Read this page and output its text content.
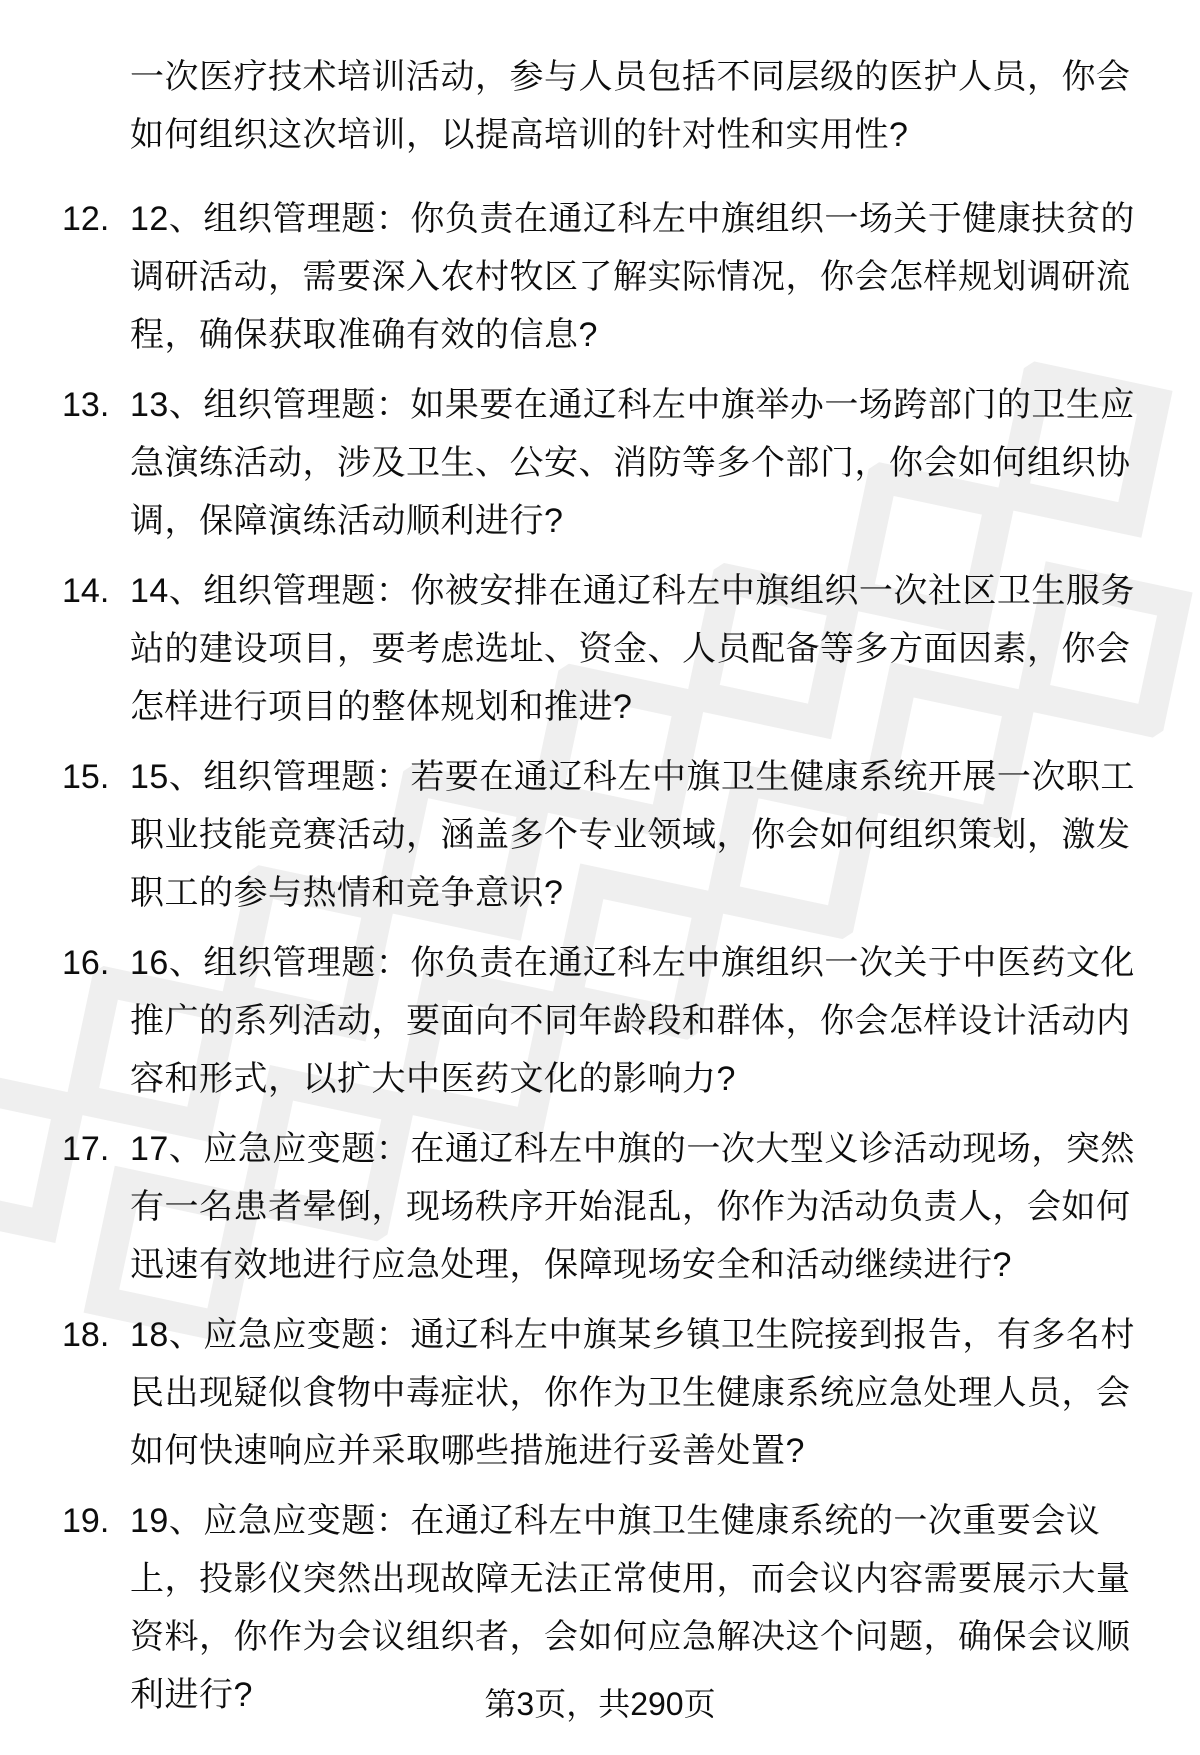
一次医疗技术培训活动，参与人员包括不同层级的医护人员，你会如何组织这次培训，以提高培训的针对性和实用性?

12. 12、组织管理题：你负责在通辽科左中旗组织一场关于健康扶贫的调研活动，需要深入农村牧区了解实际情况，你会怎样规划调研流程，确保获取准确有效的信息?
13. 13、组织管理题：如果要在通辽科左中旗举办一场跨部门的卫生应急演练活动，涉及卫生、公安、消防等多个部门，你会如何组织协调，保障演练活动顺利进行?
14. 14、组织管理题：你被安排在通辽科左中旗组织一次社区卫生服务站的建设项目，要考虑选址、资金、人员配备等多方面因素，你会怎样进行项目的整体规划和推进?
15. 15、组织管理题：若要在通辽科左中旗卫生健康系统开展一次职工职业技能竞赛活动，涵盖多个专业领域，你会如何组织策划，激发职工的参与热情和竞争意识?
16. 16、组织管理题：你负责在通辽科左中旗组织一次关于中医药文化推广的系列活动，要面向不同年龄段和群体，你会怎样设计活动内容和形式，以扩大中医药文化的影响力?
17. 17、应急应变题：在通辽科左中旗的一次大型义诊活动现场，突然有一名患者晕倒，现场秩序开始混乱，你作为活动负责人，会如何迅速有效地进行应急处理，保障现场安全和活动继续进行?
18. 18、应急应变题：通辽科左中旗某乡镇卫生院接到报告，有多名村民出现疑似食物中毒症状，你作为卫生健康系统应急处理人员，会如何快速响应并采取哪些措施进行妥善处置?
19. 19、应急应变题：在通辽科左中旗卫生健康系统的一次重要会议上，投影仪突然出现故障无法正常使用，而会议内容需要展示大量资料，你作为会议组织者，会如何应急解决这个问题，确保会议顺利进行?	第3页，共290页
